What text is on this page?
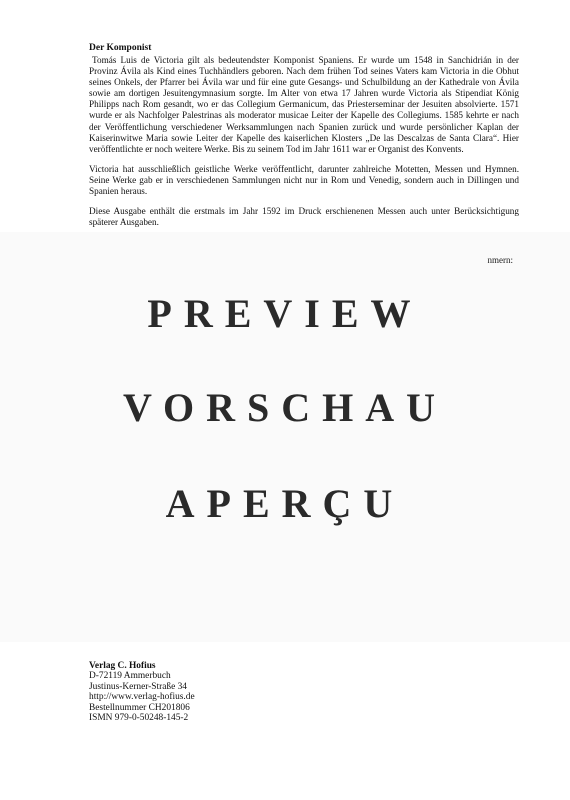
Der Komponist

Tomás Luis de Victoria gilt als bedeutendster Komponist Spaniens. Er wurde um 1548 in Sanchidrián in der Provinz Ávila als Kind eines Tuchhändlers geboren. Nach dem frühen Tod seines Vaters kam Victoria in die Obhut seines Onkels, der Pfarrer bei Ávila war und für eine gute Gesangs- und Schulbildung an der Kathedrale von Ávila sowie am dortigen Jesuitengymnasium sorgte. Im Alter von etwa 17 Jahren wurde Victoria als Stipendiat König Philipps nach Rom gesandt, wo er das Collegium Germanicum, das Priesterseminar der Jesuiten absolvierte. 1571 wurde er als Nachfolger Palestrinas als moderator musicae Leiter der Kapelle des Collegiums. 1585 kehrte er nach der Veröffentlichung verschiedener Werksammlungen nach Spanien zurück und wurde persönlicher Kaplan der Kaiserinwitwe Maria sowie Leiter der Kapelle des kaiserlichen Klosters „De las Descalzas de Santa Clara“. Hier veröffentlichte er noch weitere Werke. Bis zu seinem Tod im Jahr 1611 war er Organist des Konvents.

Victoria hat ausschließlich geistliche Werke veröffentlicht, darunter zahlreiche Motetten, Messen und Hymnen. Seine Werke gab er in verschiedenen Sammlungen nicht nur in Rom und Venedig, sondern auch in Dillingen und Spanien heraus.

Diese Ausgabe enthält die erstmals im Jahr 1592 im Druck erschienenen Messen auch unter Berücksichtigung späterer Ausgaben.

nmern:
PREVIEW
VORSCHAU
APERÇU
Verlag C. Hofius
D-72119 Ammerbuch
Justinus-Kerner-Straße 34
http://www.verlag-hofius.de
Bestellnummer CH201806
ISMN 979-0-50248-145-2
